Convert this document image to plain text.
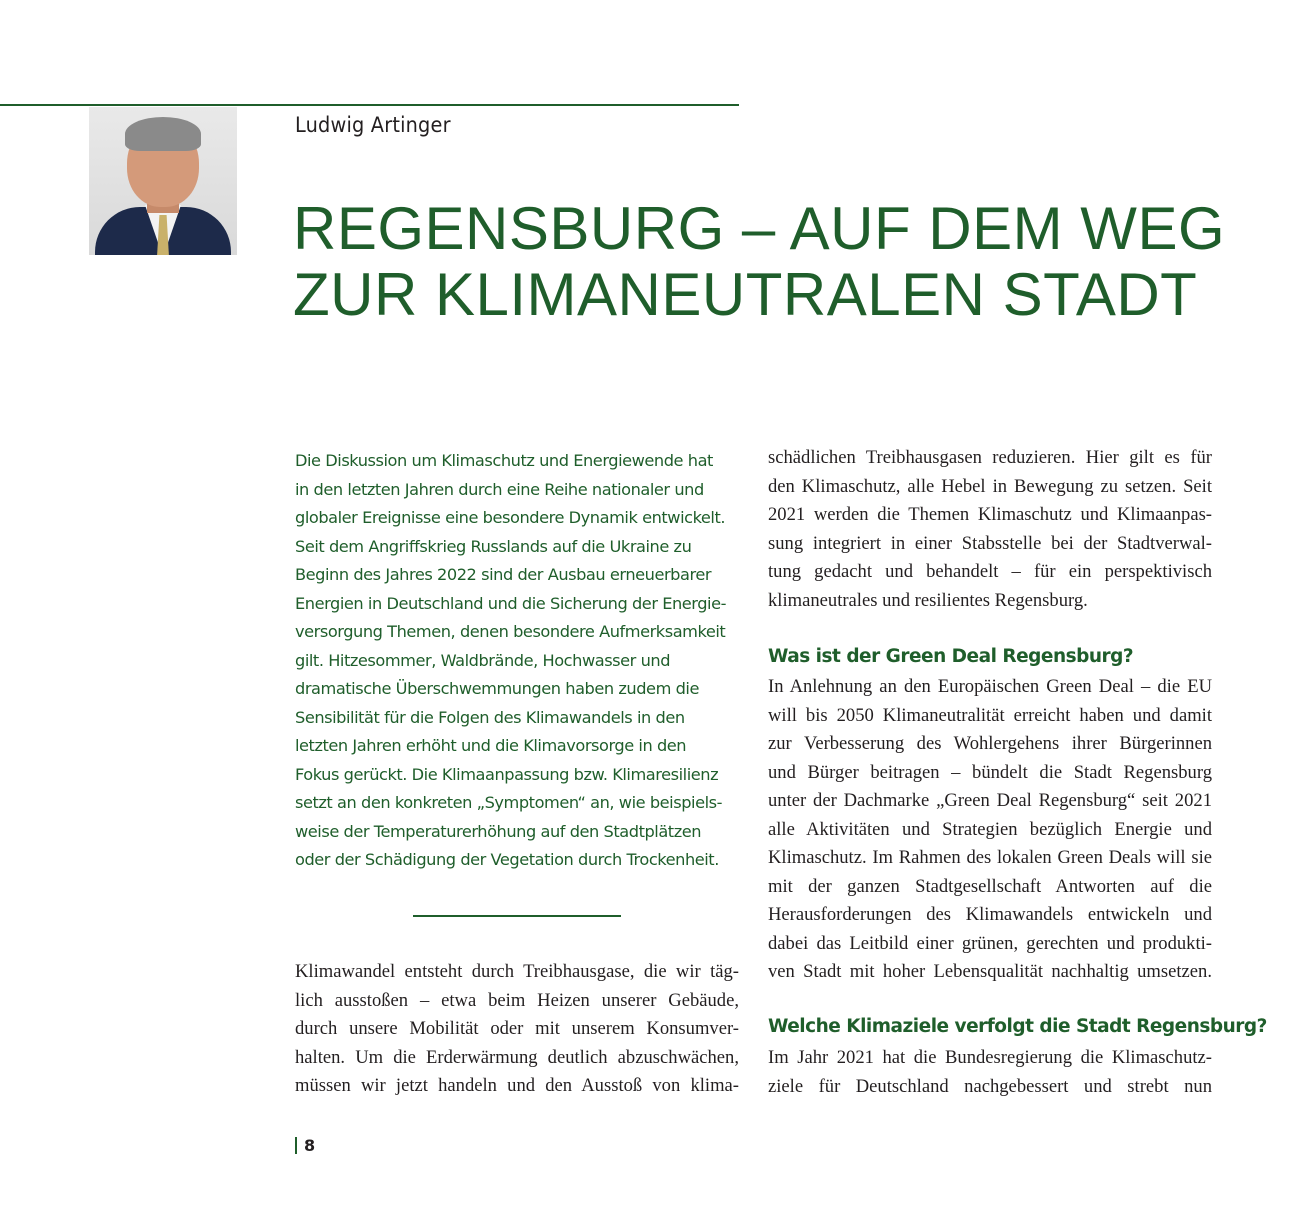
Ludwig Artinger

REGENSBURG – AUF DEM WEG
ZUR KLIMANEUTRALEN STADT
Die Diskussion um Klimaschutz und Energiewende hat
in den letzten Jahren durch eine Reihe nationaler und
globaler Ereignisse eine besondere Dynamik entwickelt.
Seit dem Angriffskrieg Russlands auf die Ukraine zu
Beginn des Jahres 2022 sind der Ausbau erneuerbarer
Energien in Deutschland und die Sicherung der Energie-
versorgung Themen, denen besondere Aufmerksamkeit
gilt. Hitzesommer, Waldbrände, Hochwasser und
dramatische Überschwemmungen haben zudem die
Sensibilität für die Folgen des Klimawandels in den
letzten Jahren erhöht und die Klimavorsorge in den
Fokus gerückt. Die Klimaanpassung bzw. Klimaresilienz
setzt an den konkreten „Symptomen“ an, wie beispiels-
weise der Temperaturerhöhung auf den Stadtplätzen
oder der Schädigung der Vegetation durch Trockenheit.
Klimawandel entsteht durch Treibhausgase, die wir täg-
lich ausstoßen – etwa beim Heizen unserer Gebäude,
durch unsere Mobilität oder mit unserem Konsumver-
halten. Um die Erderwärmung deutlich abzuschwächen,
müssen wir jetzt handeln und den Ausstoß von klima-
schädlichen Treibhausgasen reduzieren. Hier gilt es für
den Klimaschutz, alle Hebel in Bewegung zu setzen. Seit
2021 werden die Themen Klimaschutz und Klimaanpas-
sung integriert in einer Stabsstelle bei der Stadtverwal-
tung gedacht und behandelt – für ein perspektivisch
klimaneutrales und resilientes Regensburg.
Was ist der Green Deal Regensburg?
In Anlehnung an den Europäischen Green Deal – die EU
will bis 2050 Klimaneutralität erreicht haben und damit
zur Verbesserung des Wohlergehens ihrer Bürgerinnen
und Bürger beitragen – bündelt die Stadt Regensburg
unter der Dachmarke „Green Deal Regensburg“ seit 2021
alle Aktivitäten und Strategien bezüglich Energie und
Klimaschutz. Im Rahmen des lokalen Green Deals will sie
mit der ganzen Stadtgesellschaft Antworten auf die
Herausforderungen des Klimawandels entwickeln und
dabei das Leitbild einer grünen, gerechten und produkti-
ven Stadt mit hoher Lebensqualität nachhaltig umsetzen.
Welche Klimaziele verfolgt die Stadt Regensburg?
Im Jahr 2021 hat die Bundesregierung die Klimaschutz-
ziele für Deutschland nachgebessert und strebt nun
8
